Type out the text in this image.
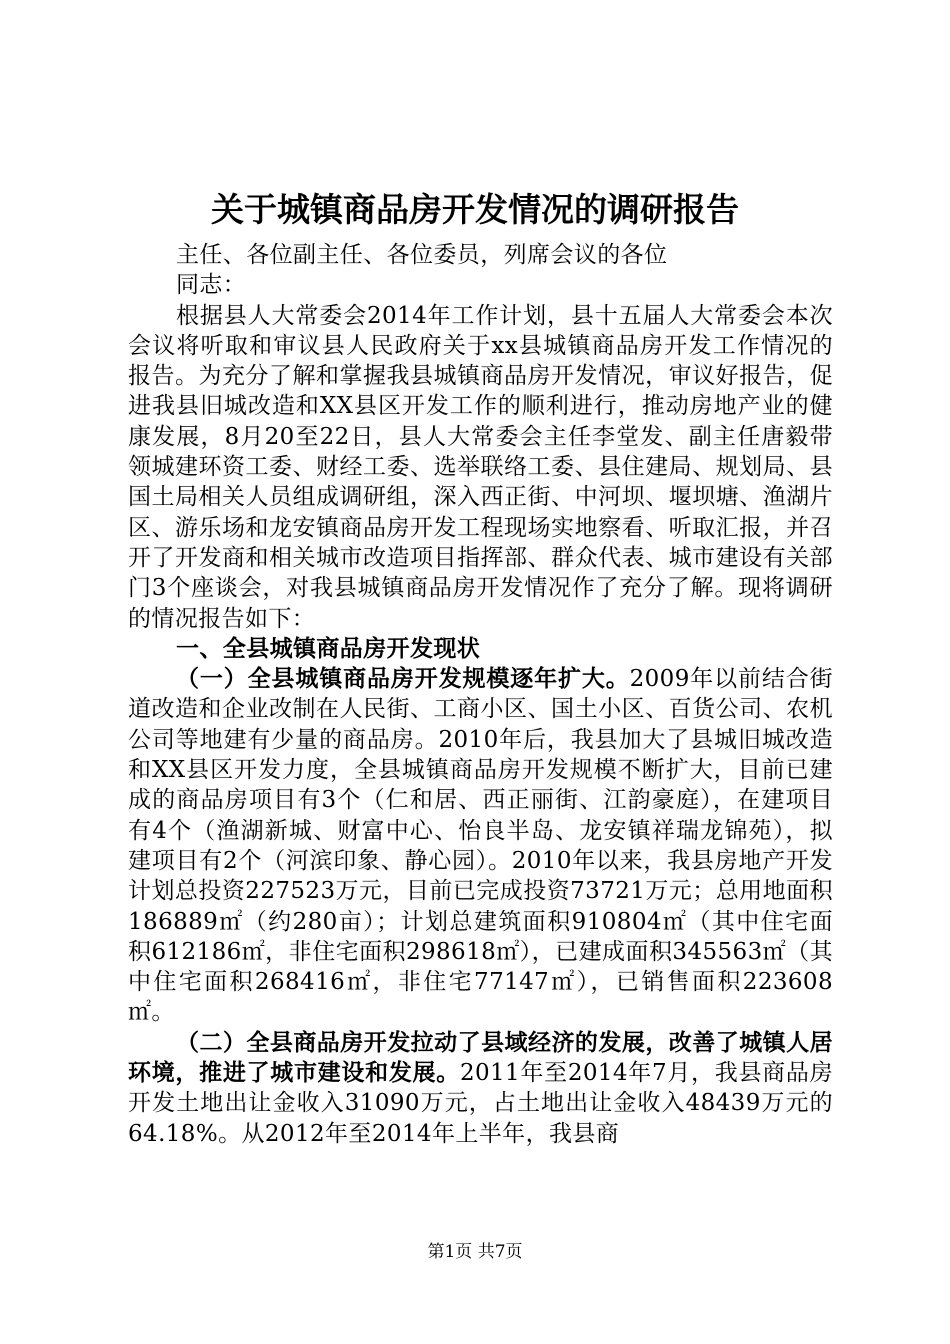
关于城镇商品房开发情况的调研报告

主任、各位副主任、各位委员，列席会议的各位

同志：

根据县人大常委会2014年工作计划，县十五届人大常委会本次会议将听取和审议县人民政府关于xx县城镇商品房开发工作情况的报告。为充分了解和掌握我县城镇商品房开发情况，审议好报告，促进我县旧城改造和XX县区开发工作的顺利进行，推动房地产业的健康发展，8月20至22日，县人大常委会主任李堂发、副主任唐毅带领城建环资工委、财经工委、选举联络工委、县住建局、规划局、县国土局相关人员组成调研组，深入西正街、中河坝、堰坝塘、渔湖片区、游乐场和龙安镇商品房开发工程现场实地察看、听取汇报，并召开了开发商和相关城市改造项目指挥部、群众代表、城市建设有关部门3个座谈会，对我县城镇商品房开发情况作了充分了解。现将调研的情况报告如下：

一、全县城镇商品房开发现状

（一）全县城镇商品房开发规模逐年扩大。2009年以前结合街道改造和企业改制在人民街、工商小区、国土小区、百货公司、农机公司等地建有少量的商品房。2010年后，我县加大了县城旧城改造和XX县区开发力度，全县城镇商品房开发规模不断扩大，目前已建成的商品房项目有3个（仁和居、西正丽街、江韵豪庭），在建项目有4个（渔湖新城、财富中心、怡良半岛、龙安镇祥瑞龙锦苑），拟建项目有2个（河滨印象、静心园）。2010年以来，我县房地产开发计划总投资227523万元，目前已完成投资73721万元；总用地面积186889㎡（约280亩）；计划总建筑面积910804㎡（其中住宅面积612186㎡，非住宅面积298618㎡），已建成面积345563㎡（其中住宅面积268416㎡，非住宅77147㎡），已销售面积223608㎡。

（二）全县商品房开发拉动了县域经济的发展，改善了城镇人居环境，推进了城市建设和发展。2011年至2014年7月，我县商品房开发土地出让金收入31090万元，占土地出让金收入48439万元的64.18%。从2012年至2014年上半年，我县商

第1页 共7页
